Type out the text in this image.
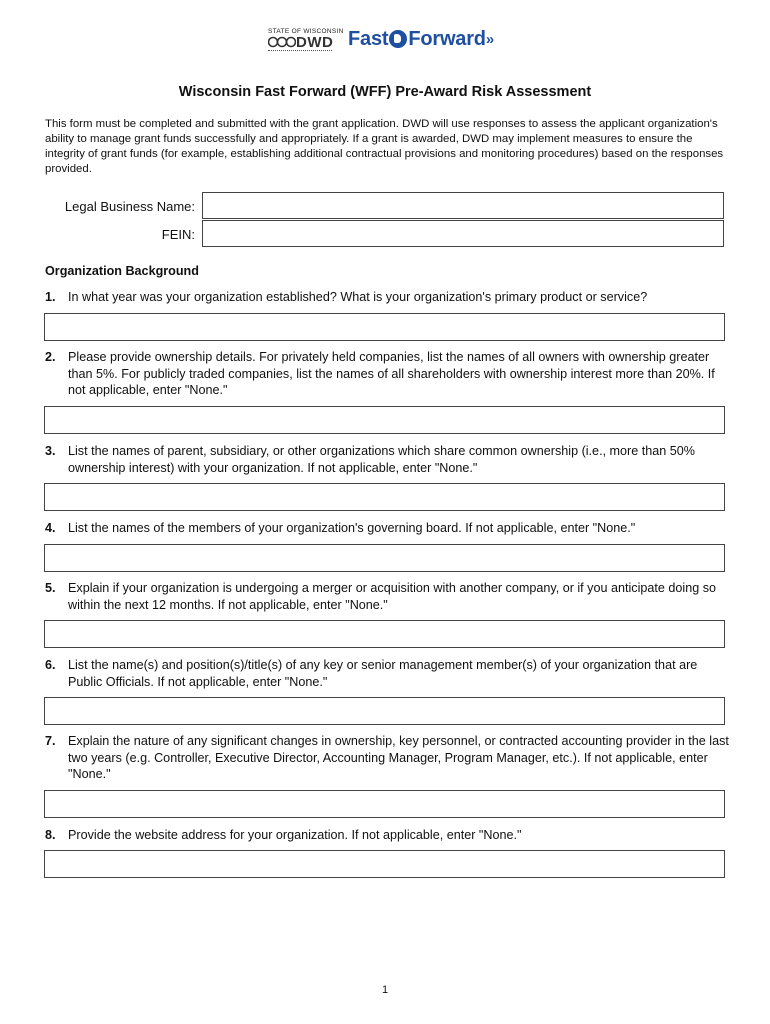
STATE OF WISCONSIN
DWD Fast Forward»
Wisconsin Fast Forward (WFF) Pre-Award Risk Assessment
This form must be completed and submitted with the grant application. DWD will use responses to assess the applicant organization's ability to manage grant funds successfully and appropriately. If a grant is awarded, DWD may implement measures to ensure the integrity of grant funds (for example, establishing additional contractual provisions and monitoring procedures) based on the responses provided.
Legal Business Name:
FEIN:
Organization Background
1. In what year was your organization established? What is your organization's primary product or service?
2. Please provide ownership details. For privately held companies, list the names of all owners with ownership greater than 5%. For publicly traded companies, list the names of all shareholders with ownership interest more than 20%. If not applicable, enter "None."
3. List the names of parent, subsidiary, or other organizations which share common ownership (i.e., more than 50% ownership interest) with your organization. If not applicable, enter "None."
4. List the names of the members of your organization's governing board. If not applicable, enter "None."
5. Explain if your organization is undergoing a merger or acquisition with another company, or if you anticipate doing so within the next 12 months. If not applicable, enter "None."
6. List the name(s) and position(s)/title(s) of any key or senior management member(s) of your organization that are Public Officials. If not applicable, enter "None."
7. Explain the nature of any significant changes in ownership, key personnel, or contracted accounting provider in the last two years (e.g. Controller, Executive Director, Accounting Manager, Program Manager, etc.). If not applicable, enter "None."
8. Provide the website address for your organization. If not applicable, enter "None."
1
